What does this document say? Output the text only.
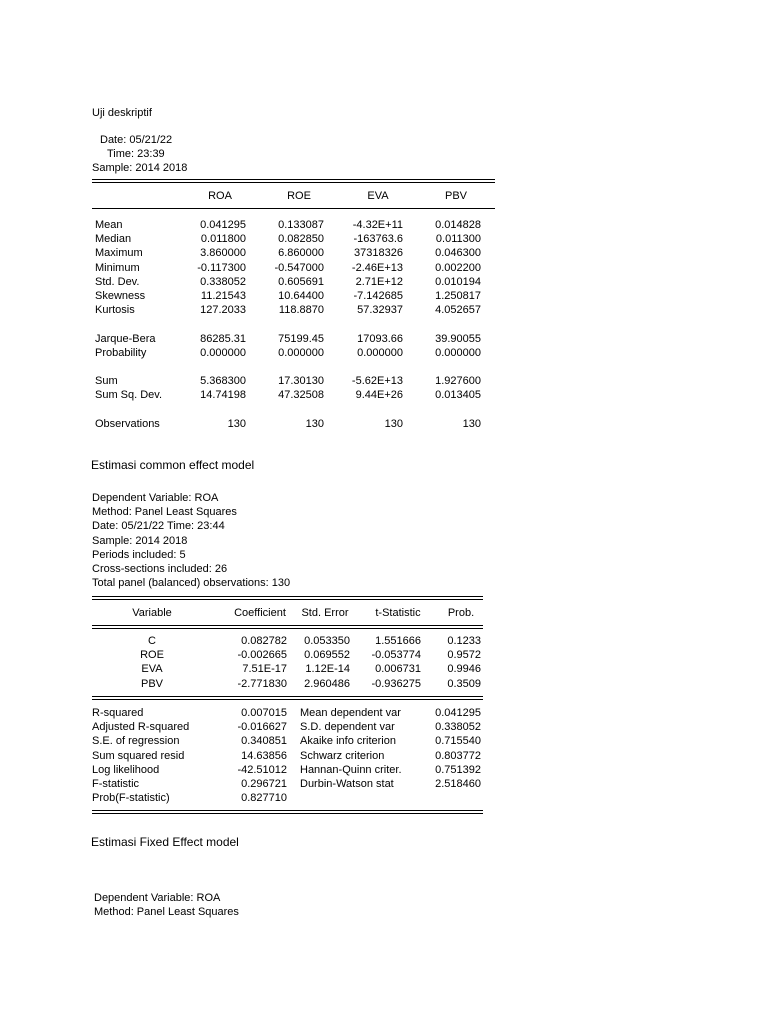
Uji deskriptif
Date: 05/21/22
Time: 23:39
Sample: 2014 2018
ROA	ROE	EVA	PBV
Mean	0.041295	0.133087	-4.32E+11	0.014828
Median	0.011800	0.082850	-163763.6	0.011300
Maximum	3.860000	6.860000	37318326	0.046300
Minimum	-0.117300	-0.547000	-2.46E+13	0.002200
Std. Dev.	0.338052	0.605691	2.71E+12	0.010194
Skewness	11.21543	10.64400	-7.142685	1.250817
Kurtosis	127.2033	118.8870	57.32937	4.052657
Jarque-Bera	86285.31	75199.45	17093.66	39.90055
Probability	0.000000	0.000000	0.000000	0.000000
Sum	5.368300	17.30130	-5.62E+13	1.927600
Sum Sq. Dev.	14.74198	47.32508	9.44E+26	0.013405
Observations	130	130	130	130
Estimasi common effect model
Dependent Variable: ROA
Method: Panel Least Squares
Date: 05/21/22 Time: 23:44
Sample: 2014 2018
Periods included: 5
Cross-sections included: 26
Total panel (balanced) observations: 130
Variable	Coefficient	Std. Error	t-Statistic	Prob.
C	0.082782	0.053350	1.551666	0.1233
ROE	-0.002665	0.069552	-0.053774	0.9572
EVA	7.51E-17	1.12E-14	0.006731	0.9946
PBV	-2.771830	2.960486	-0.936275	0.3509
R-squared	0.007015 Mean dependent var	0.041295
Adjusted R-squared	-0.016627 S.D. dependent var	0.338052
S.E. of regression	0.340851 Akaike info criterion	0.715540
Sum squared resid	14.63856 Schwarz criterion	0.803772
Log likelihood	-42.51012 Hannan-Quinn criter.	0.751392
F-statistic	0.296721 Durbin-Watson stat	2.518460
Prob(F-statistic)	0.827710
Estimasi Fixed Effect model
Dependent Variable: ROA
Method: Panel Least Squares
